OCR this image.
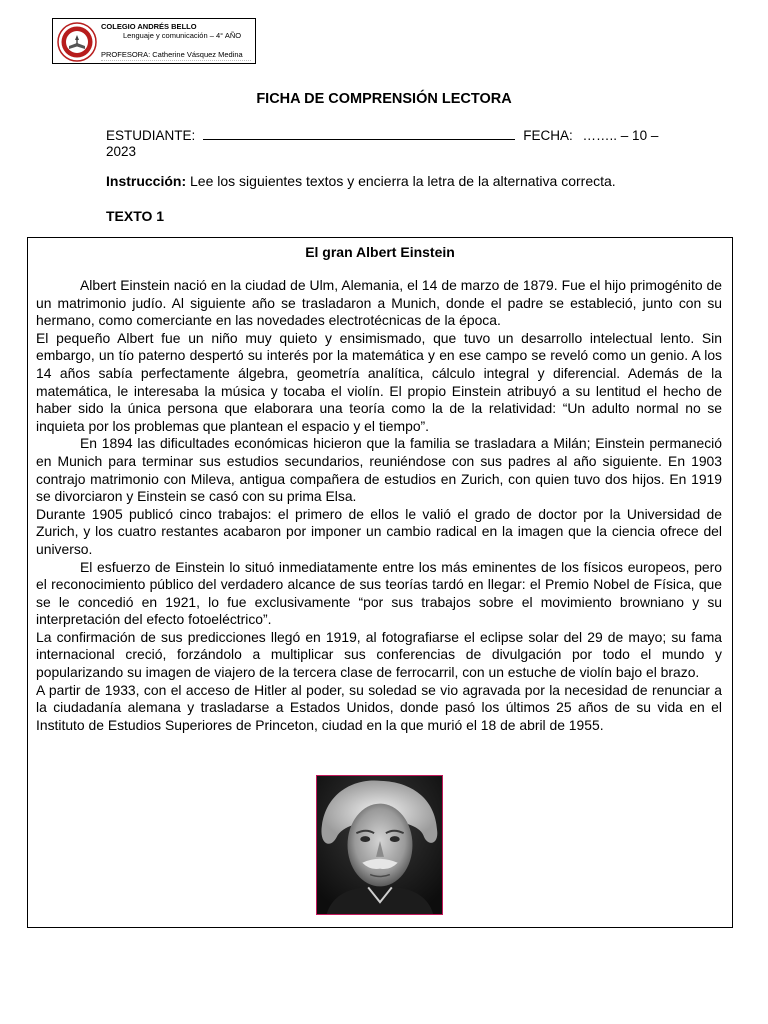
COLEGIO ANDRÉS BELLO
Lenguaje y comunicación – 4° AÑO
PROFESORA: Catherine Vásquez Medina
FICHA DE COMPRENSIÓN LECTORA
ESTUDIANTE:	FECHA: …….. – 10 –
2023
Instrucción: Lee los siguientes textos y encierra la letra de la alternativa correcta.
TEXTO 1
El gran Albert Einstein

Albert Einstein nació en la ciudad de Ulm, Alemania, el 14 de marzo de 1879. Fue el hijo primogénito de un matrimonio judío. Al siguiente año se trasladaron a Munich, donde el padre se estableció, junto con su hermano, como comerciante en las novedades electrotécnicas de la época.

El pequeño Albert fue un niño muy quieto y ensimismado, que tuvo un desarrollo intelectual lento. Sin embargo, un tío paterno despertó su interés por la matemática y en ese campo se reveló como un genio. A los 14 años sabía perfectamente álgebra, geometría analítica, cálculo integral y diferencial. Además de la matemática, le interesaba la música y tocaba el violín. El propio Einstein atribuyó a su lentitud el hecho de haber sido la única persona que elaborara una teoría como la de la relatividad: “Un adulto normal no se inquieta por los problemas que plantean el espacio y el tiempo”.

En 1894 las dificultades económicas hicieron que la familia se trasladara a Milán; Einstein permaneció en Munich para terminar sus estudios secundarios, reuniéndose con sus padres al año siguiente. En 1903 contrajo matrimonio con Mileva, antigua compañera de estudios en Zurich, con quien tuvo dos hijos. En 1919 se divorciaron y Einstein se casó con su prima Elsa.

Durante 1905 publicó cinco trabajos: el primero de ellos le valió el grado de doctor por la Universidad de Zurich, y los cuatro restantes acabaron por imponer un cambio radical en la imagen que la ciencia ofrece del universo.

El esfuerzo de Einstein lo situó inmediatamente entre los más eminentes de los físicos europeos, pero el reconocimiento público del verdadero alcance de sus teorías tardó en llegar: el Premio Nobel de Física, que se le concedió en 1921, lo fue exclusivamente “por sus trabajos sobre el movimiento browniano y su interpretación del efecto fotoeléctrico”.

La confirmación de sus predicciones llegó en 1919, al fotografiarse el eclipse solar del 29 de mayo; su fama internacional creció, forzándolo a multiplicar sus conferencias de divulgación por todo el mundo y popularizando su imagen de viajero de la tercera clase de ferrocarril, con un estuche de violín bajo el brazo.

A partir de 1933, con el acceso de Hitler al poder, su soledad se vio agravada por la necesidad de renunciar a la ciudadanía alemana y trasladarse a Estados Unidos, donde pasó los últimos 25 años de su vida en el Instituto de Estudios Superiores de Princeton, ciudad en la que murió el 18 de abril de 1955.
